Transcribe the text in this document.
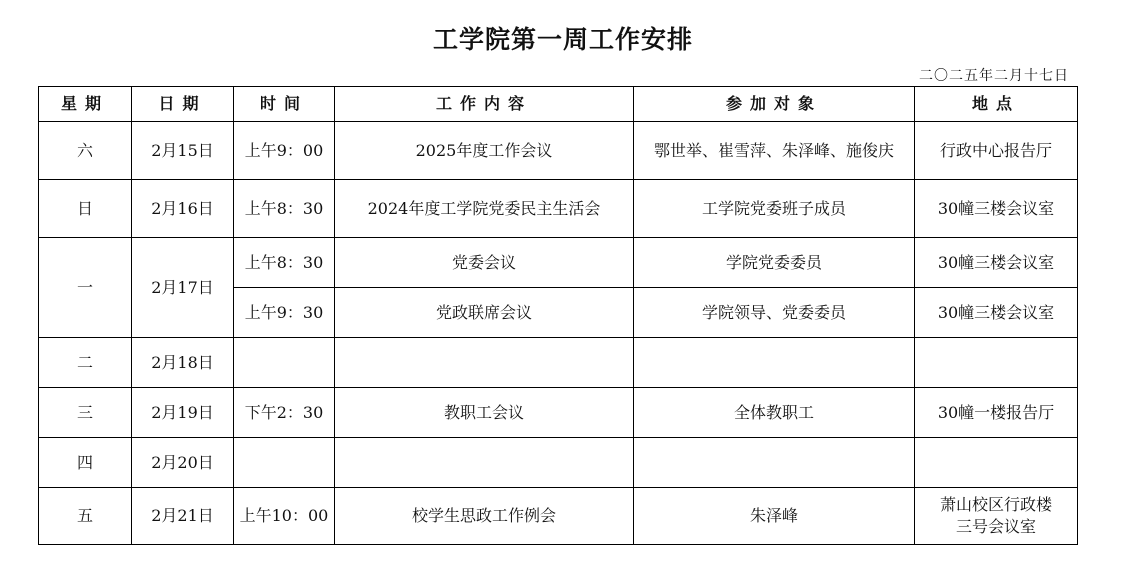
工学院第一周工作安排
二〇二五年二月十七日
星期	日期	时间	工作内容	参加对象	地点
六	2月15日	上午9：00	2025年度工作会议	鄂世举、崔雪萍、朱泽峰、施俊庆	行政中心报告厅
日	2月16日	上午8：30	2024年度工学院党委民主生活会	工学院党委班子成员	30幢三楼会议室
一	2月17日	上午8：30	党委会议	学院党委委员	30幢三楼会议室
		上午9：30	党政联席会议	学院领导、党委委员	30幢三楼会议室
二	2月18日				
三	2月19日	下午2：30	教职工会议	全体教职工	30幢一楼报告厅
四	2月20日				
五	2月21日	上午10：00	校学生思政工作例会	朱泽峰	萧山校区行政楼
三号会议室
